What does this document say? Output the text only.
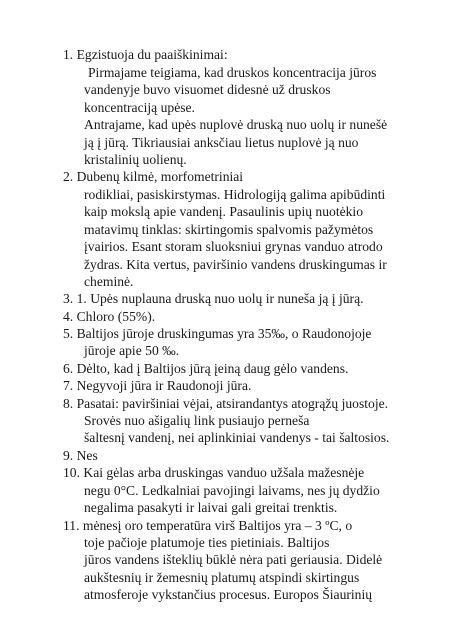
1. Egzistuoja du paaiškinimai:
Pirmajame teigiama, kad druskos koncentracija jūros
vandenyje buvo visuomet didesnė už druskos
koncentraciją upėse.
Antrajame, kad upės nuplovė druską nuo uolų ir nunešė
ją į jūrą. Tikriausiai anksčiau lietus nuplovė ją nuo
kristalinių uolienų.
2. Dubenų kilmė, morfometriniai
rodikliai, pasiskirstymas. Hidrologiją galima apibūdinti
kaip mokslą apie vandenį. Pasaulinis upių nuotėkio
matavimų tinklas: skirtingomis spalvomis pažymėtos
įvairios. Esant storam sluoksniui grynas vanduo atrodo
žydras. Kita vertus, paviršinio vandens druskingumas ir
cheminė.
3. 1. Upės nuplauna druską nuo uolų ir nuneša ją į jūrą.
4. Chloro (55%).
5. Baltijos jūroje druskingumas yra 35‰, o Raudonojoje
jūroje apie 50 ‰.
6. Dėlto, kad į Baltijos jūrą įeiną daug gėlo vandens.
7. Negyvoji jūra ir Raudonoji jūra.
8. Pasatai: paviršiniai vėjai, atsirandantys atogrąžų juostoje.
Srovės nuo ašigalių link pusiaujo perneša
šaltesnį vandenį, nei aplinkiniai vandenys - tai šaltosios.
9. Nes
10. Kai gėlas arba druskingas vanduo užšala mažesnėje
negu 0°C. Ledkalniai pavojingi laivams, nes jų dydžio
negalima pasakyti ir laivai gali greitai trenktis.
11. mėnesį oro temperatūra virš Baltijos yra – 3 ºC, o
toje pačioje platumoje ties pietiniais. Baltijos
jūros vandens išteklių būklė nėra pati geriausia. Didelė
aukštesnių ir žemesnių platumų atspindi skirtingus
atmosferoje vykstančius procesus. Europos Šiaurinių
